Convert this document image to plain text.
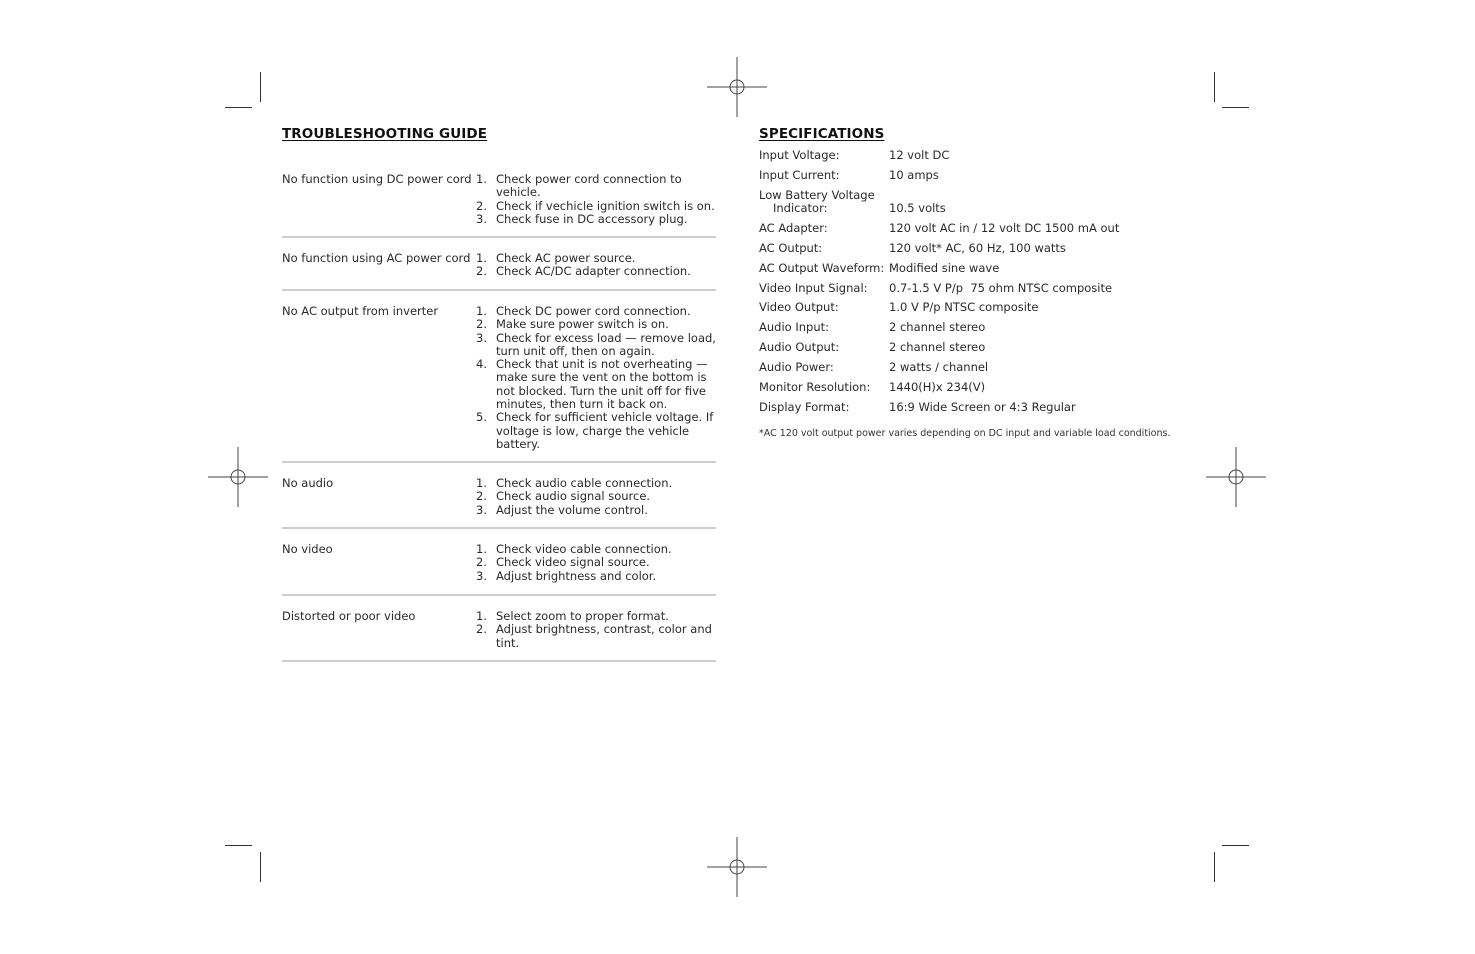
TROUBLESHOOTING GUIDE
No function using DC power cord 1. Check power cord connection to vehicle.
2. Check if vechicle ignition switch is on.
3. Check fuse in DC accessory plug.
No function using AC power cord 1. Check AC power source.
2. Check AC/DC adapter connection.
No AC output from inverter	1. Check DC power cord connection.
2. Make sure power switch is on.
3. Check for excess load — remove load, turn unit off, then on again.
4. Check that unit is not overheating — make sure the vent on the bottom is not blocked. Turn the unit off for five minutes, then turn it back on.
5. Check for sufficient vehicle voltage. If voltage is low, charge the vehicle battery.
No audio	1. Check audio cable connection.
2. Check audio signal source.
3. Adjust the volume control.
No video	1. Check video cable connection.
2. Check video signal source.
3. Adjust brightness and color.
Distorted or poor video	1. Select zoom to proper format.
2. Adjust brightness, contrast, color and tint.
SPECIFICATIONS
Input Voltage:	12 volt DC
Input Current:	10 amps
Low Battery Voltage
Indicator:	10.5 volts
AC Adapter:	120 volt AC in / 12 volt DC 1500 mA out
AC Output:	120 volt* AC, 60 Hz, 100 watts
AC Output Waveform: Modified sine wave
Video Input Signal:	0.7-1.5 V P/p  75 ohm NTSC composite
Video Output:	1.0 V P/p NTSC composite
Audio Input:	2 channel stereo
Audio Output:	2 channel stereo
Audio Power:	2 watts / channel
Monitor Resolution:	1440(H)x 234(V)
Display Format:	16:9 Wide Screen or 4:3 Regular
*AC 120 volt output power varies depending on DC input and variable load conditions.
